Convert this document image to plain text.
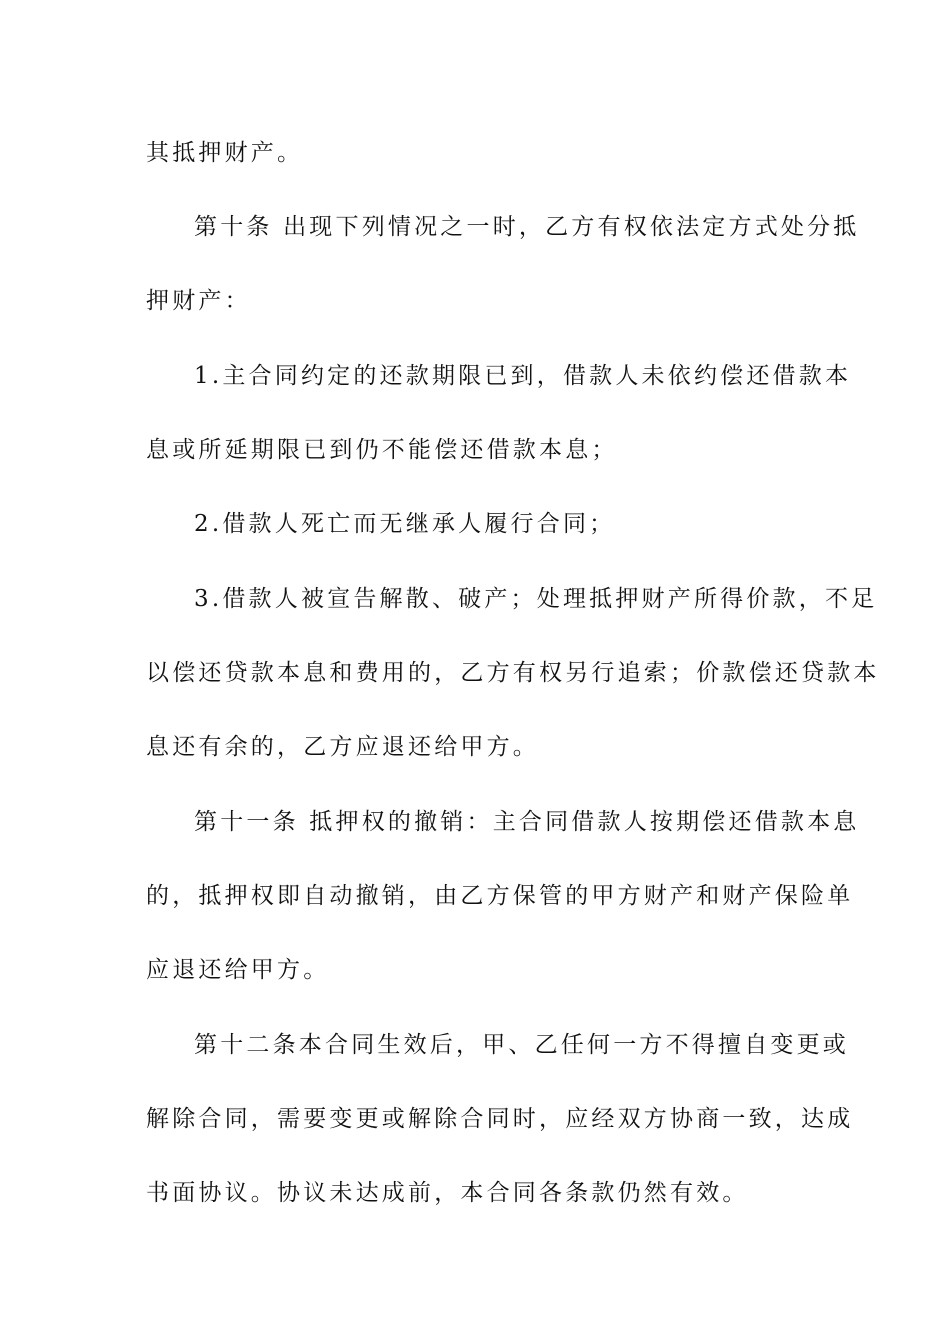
其抵押财产。
第十条 出现下列情况之一时，乙方有权依法定方式处分抵
押财产：
1.主合同约定的还款期限已到，借款人未依约偿还借款本
息或所延期限已到仍不能偿还借款本息；
2.借款人死亡而无继承人履行合同；
3.借款人被宣告解散、破产；处理抵押财产所得价款，不足
以偿还贷款本息和费用的，乙方有权另行追索；价款偿还贷款本
息还有余的，乙方应退还给甲方。
第十一条 抵押权的撤销：主合同借款人按期偿还借款本息
的，抵押权即自动撤销，由乙方保管的甲方财产和财产保险单
应退还给甲方。
第十二条本合同生效后，甲、乙任何一方不得擅自变更或
解除合同，需要变更或解除合同时，应经双方协商一致，达成
书面协议。协议未达成前，本合同各条款仍然有效。
